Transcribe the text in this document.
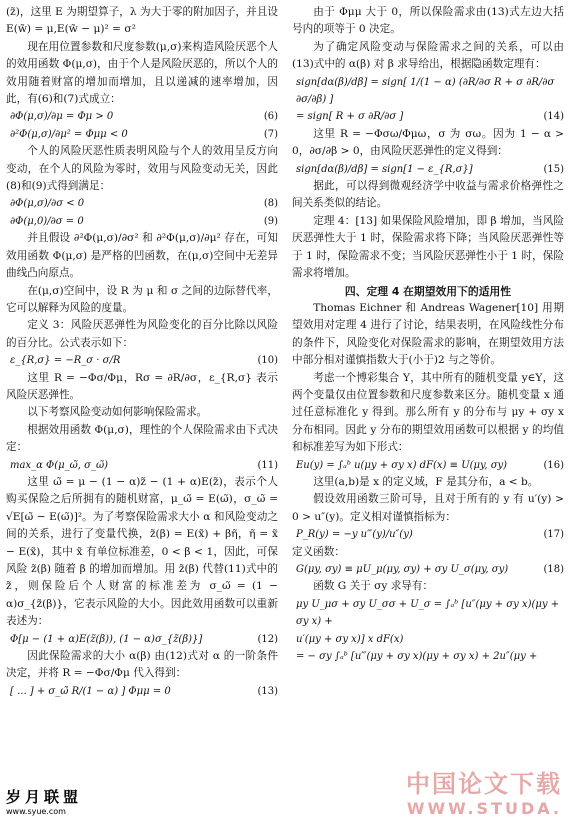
(z̃)，这里 E 为期望算子，λ 为大于零的附加因子，并且设 E(w̃) = μ,E(w̃ − μ)² = σ²

现在用位置参数和尺度参数(μ,σ)来构造风险厌恶个人的效用函数 Φ(μ,σ)，由于个人是风险厌恶的，所以个人的效用随着财富的增加而增加，且以递减的速率增加，因此，有(6)和(7)式成立：

∂Φ(μ,σ)/∂μ = Φμ > 0	(6)
∂²Φ(μ,σ)/∂μ² = Φμμ < 0	(7)

个人的风险厌恶性质表明风险与个人的效用呈反方向变动，在个人的风险为零时，效用与风险变动无关，因此(8)和(9)式得到满足：

∂Φ(μ,σ)/∂σ < 0	(8)
∂Φ(μ,0)/∂σ = 0	(9)

并且假设 ∂²Φ(μ,σ)/∂σ² 和 ∂²Φ(μ,σ)/∂μ² 存在，可知效用函数 Φ(μ,σ) 是严格的凹函数，在(μ,σ)空间中无差异曲线凸向原点。

在(μ,σ)空间中，设 R 为 μ 和 σ 之间的边际替代率，它可以解释为风险的度量。

定义 3：风险厌恶弹性为风险变化的百分比除以风险的百分比。公式表示如下：

ε_{R,σ} = −R_σ · σ/R	(10)

这里 R = −Φσ/Φμ，Rσ = ∂R/∂σ，ε_{R,σ} 表示风险厌恶弹性。

以下考察风险变动如何影响保险需求。

根据效用函数 Φ(μ,σ)，理性的个人保险需求由下式决定：

max_α Φ(μ_ω̃, σ_ω̃)	(11)

这里 ω̃ = μ − (1 − α)z̃ − (1 + α)E(z̃)，表示个人购买保险之后所拥有的随机财富，μ_ω̃ = E(ω̃)，σ_ω̃ = √E[ω̃ − E(ω̃)]²。为了考察保险需求大小 α 和风险变动之间的关系，进行了变量代换，z̃(β) = E(x̃) + βη̃，η̃ = x̃ − E(x̃)，其中 x̃ 有单位标准差，0 < β < 1，因此，可保风险 z̃(β) 随着 β 的增加而增加。用 z̃(β) 代替(11)式中的 z̃，则保险后个人财富的标准差为 σ_ω̃ = (1 − α)σ_{z̃(β)}，它表示风险的大小。因此效用函数可以重新表述为：

Φ[μ − (1 + α)E(z̃(β)), (1 − α)σ_{z̃(β)}]	(12)

因此保险需求的大小 α(β) 由(12)式对 α 的一阶条件决定，并将 R = −Φσ/Φμ 代入得到：

[ ... ] + σ_ω̃ R/(1 − α) ] Φμμ = 0	(13)

由于 Φμμ 大于 0，所以保险需求由(13)式左边大括号内的项等于 0 决定。

为了确定风险变动与保险需求之间的关系，可以由(13)式中的 α(β) 对 β 求导给出，根据隐函数定理有：

sign[dα(β)/dβ] = sign[ 1/(1 − α) (∂R/∂σ R + σ ∂R/∂σ ∂σ/∂β) ]
= sign[ R + σ ∂R/∂σ ]	(14)

这里 R = −Φσω/Φμω，σ 为 σω。因为 1 − α > 0，∂σ/∂β > 0，由风险厌恶弹性的定义得到：

sign[dα(β)/dβ] = sign[1 − ε_{R,σ}]	(15)

据此，可以得到微观经济学中收益与需求价格弹性之间关系类似的结论。

定理 4：[13] 如果保险风险增加，即 β 增加，当风险厌恶弹性大于 1 时，保险需求将下降；当风险厌恶弹性等于 1 时，保险需求不变；当风险厌恶弹性小于 1 时，保险需求将增加。

四、定理 4 在期望效用下的适用性

Thomas Eichner 和 Andreas Wagener[10] 用期望效用对定理 4 进行了讨论，结果表明，在风险线性分布的条件下，风险变化对保险需求的影响，在期望效用方法中部分相对谨慎指数大于(小于)2 与之等价。

考虑一个博彩集合 Y，其中所有的随机变量 y∈Y，这两个变量仅由位置参数和尺度参数来区分。随机变量 x 通过任意标准化 y 得到。那么所有 y 的分布与 μy + σy x 分布相同。因此 y 分布的期望效用函数可以根据 y 的均值和标准差写为如下形式：

Eu(y) = ∫ₐᵇ u(μy + σy x) dF(x) ≡ U(μy, σy)	(16)

这里(a,b)是 x 的定义域，F 是其分布，a < b。

假设效用函数三阶可导，且对于所有的 y 有 u′(y) > 0 > u″(y)。定义相对谨慎指标为：

P_R(y) = −y u‴(y)/u″(y)	(17)

定义函数：

G(μy, σy) ≡ μU_μ(μy, σy) + σy U_σ(μy, σy)	(18)

函数 G 关于 σy 求导有：

μy U_μσ + σy U_σσ + U_σ = ∫ₐᵇ [u″(μy + σy x)(μy + σy x) +
u′(μy + σy x)] x dF(x)
= − σy ∫ₐᵇ [u‴(μy + σy x)(μy + σy x) + 2u″(μy +
岁月联盟
www.syue.com
中国论文下载
WWW.STUDA.
